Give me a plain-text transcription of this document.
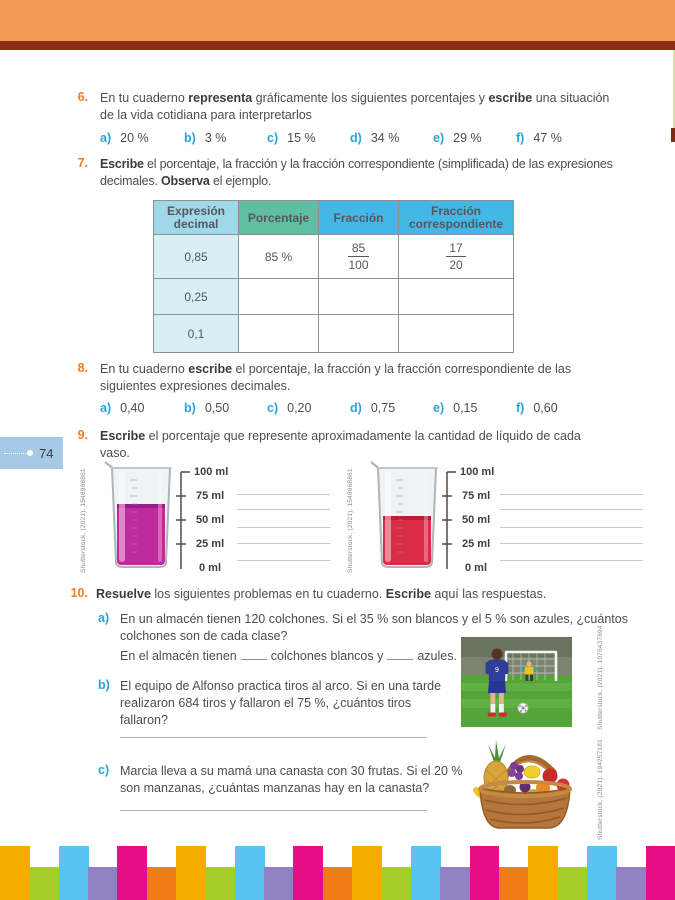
6. En tu cuaderno representa gráficamente los siguientes porcentajes y escribe una situación de la vida cotidiana para interpretarlos
a) 20 %	b) 3 %	c) 15 %	d) 34 %	e) 29 %	f) 47 %
7. Escribe el porcentaje, la fracción y la fracción correspondiente (simplificada) de las expresiones decimales. Observa el ejemplo.
Expresión decimal	Porcentaje	Fracción	Fracción correspondiente
0,85	85 %	$\frac{85}{100}$	$\frac{17}{20}$

0,25			
0,1			
8. En tu cuaderno escribe el porcentaje, la fracción y la fracción correspondiente de las siguientes expresiones decimales.
a) 0,40	b) 0,50	c) 0,20	d) 0,75	e) 0,15	f) 0,60
9. Escribe el porcentaje que represente aproximadamente la cantidad de líquido de cada vaso.
74
Shutterstock, (2021). 1548968861	100 ml
75 ml
50 ml
25 ml
0 ml	Shutterstock, (2021). 1548968861	100 ml
75 ml
50 ml
25 ml
0 ml
10. Resuelve los siguientes problemas en tu cuaderno. Escribe aquí las respuestas.
a) En un almacén tienen 120 colchones. Si el 35 % son blancos y el 5 % son azules, ¿cuántos colchones son de cada clase?
En el almacén tienen	colchones blancos y	azules.
9	Shutterstock, (2021). 1076437694
b) El equipo de Alfonso practica tiros al arco. Si en una tarde realizaron 684 tiros y fallaron el 75 %, ¿cuántos tiros fallaron?
c) Marcia lleva a su mamá una canasta con 30 frutas. Si el 20 % son manzanas, ¿cuántas manzanas hay en la canasta?	Shutterstock, (2021). 194257181
